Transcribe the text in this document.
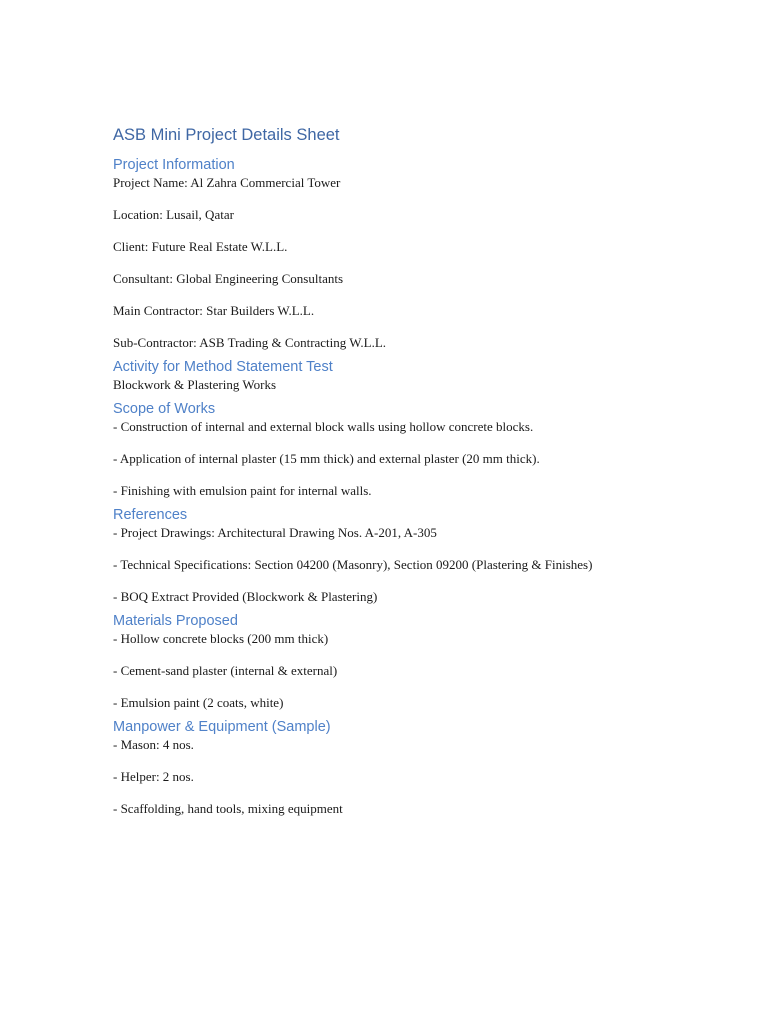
ASB Mini Project Details Sheet
Project Information

Project Name: Al Zahra Commercial Tower

Location: Lusail, Qatar

Client: Future Real Estate W.L.L.

Consultant: Global Engineering Consultants

Main Contractor: Star Builders W.L.L.

Sub-Contractor: ASB Trading & Contracting W.L.L.

Activity for Method Statement Test

Blockwork & Plastering Works

Scope of Works

- Construction of internal and external block walls using hollow concrete blocks.

- Application of internal plaster (15 mm thick) and external plaster (20 mm thick).

- Finishing with emulsion paint for internal walls.

References

- Project Drawings: Architectural Drawing Nos. A-201, A-305

- Technical Specifications: Section 04200 (Masonry), Section 09200 (Plastering & Finishes)

- BOQ Extract Provided (Blockwork & Plastering)

Materials Proposed

- Hollow concrete blocks (200 mm thick)

- Cement-sand plaster (internal & external)

- Emulsion paint (2 coats, white)

Manpower & Equipment (Sample)

- Mason: 4 nos.

- Helper: 2 nos.

- Scaffolding, hand tools, mixing equipment
